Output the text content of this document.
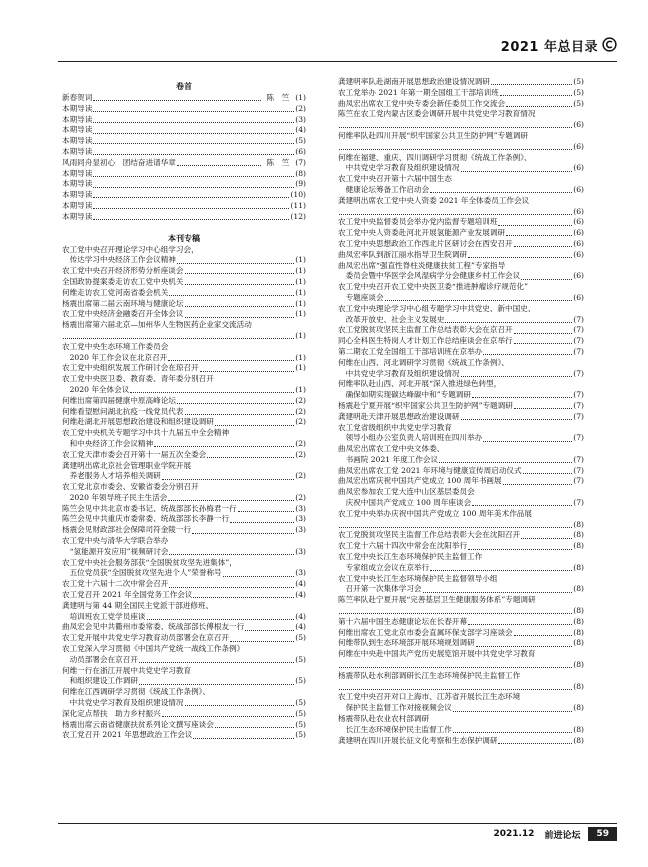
2021 年总目录
卷首
新春贺词	陈　竺 (1)
本期导读	(2)
本期导读	(3)
本期导读	(4)
本期导读	(5)
本期导读	(6)
风雨同舟显初心　团结奋进谱华章	陈　竺 (7)
本期导读	(8)
本期导读	(9)
本期导读	(10)
本期导读	(11)
本期导读	(12)
本刊专稿
农工党中央召开理论学习中心组学习会，
　传达学习中央经济工作会议精神	(1)
农工党中央召开经济形势分析座谈会	(1)
全国政协提案委走访农工党中央机关	(1)
何维走访农工党河南省委会机关	(1)
杨震出席第二届云南环境与健康论坛	(1)
农工党中央经济金融委召开全体会议	(1)
杨震出席第六届北京—加州华人生物医药企业家交流活动
(1)
农工党中央生态环境工作委员会
　2020 年工作会议在北京召开	(1)
农工党中央组织发展工作研讨会在琼召开	(1)
农工党中央医卫委、教育委、青年委分别召开
　2020 年全体会议	(1)
何维出席第四届健康中原高峰论坛	(2)
何维看望慰问湖北抗疫一线党员代表	(2)
何维赴湖北开展思想政治建设和组织建设调研	(2)
农工党中央机关专题学习中共十九届五中全会精神
　和中央经济工作会议精神	(2)
农工党天津市委会召开第十一届五次全委会	(2)
龚建明出席北京社会管理职业学院开展
　养老服务人才培养相关调研	(2)
农工党北京市委会、安徽省委会分别召开
　2020 年领导班子民主生活会	(2)
陈竺会见中共北京市委书记、统战部部长孙梅君一行	(3)
陈竺会见中共重庆市委常委、统战部部长李静一行	(3)
杨震会见财政部社会保障司符金陵一行	(3)
农工党中央与清华大学联合举办
　“氢能源开发应用”视频研讨会	(3)
农工党中央社会服务部获“全国脱贫攻坚先进集体”，
　五位党员获“全国脱贫攻坚先进个人”荣誉称号	(3)
农工党十六届十二次中常会召开	(4)
农工党召开 2021 年全国党务工作会议	(4)
龚建明与第 44 期全国民主党派干部进修班、
　培训班农工党学员座谈	(4)
曲凤宏会见中共衢州市委常委、统战部部长傅根友一行	(4)
农工党开展中共党史学习教育动员部署会在京召开	(5)
农工党深入学习贯彻《中国共产党统一战线工作条例》
　动员部署会在京召开	(5)
何维一行在浙江开展中共党史学习教育
　和组织建设工作调研	(5)
何维在江西调研学习贯彻《统战工作条例》、
　中共党史学习教育及组织建设情况	(5)
深化定点帮扶　助力乡村振兴	(5)
杨震出席云南省健康扶贫系列论文撰写座谈会	(5)
农工党召开 2021 年思想政治工作会议	(5)
龚建明率队赴湖南开展思想政治建设情况调研	(5)
农工党举办 2021 年第一期全国组工干部培训班	(5)
曲凤宏出席农工党中央专委会新任委员工作交流会	(5)
陈竺在农工党内蒙古区委会调研开展中共党史学习教育情况
(6)
何维率队赴四川开展“织牢国家公共卫生防护网”专题调研
(6)
何维在福建、重庆、四川调研学习贯彻《统战工作条例》、
　中共党史学习教育及组织建设情况	(6)
农工党中央召开第十六届中国生态
　健康论坛筹备工作启动会	(6)
龚建明出席农工党中央人资委 2021 年全体委员工作会议
(6)
农工党中央监督委员会举办党内监督专题培训班	(6)
农工党中央人资委赴河北开展氢能源产业发展调研	(6)
农工党中央思想政治工作西北片区研讨会在西安召开	(6)
曲凤宏率队到浙江丽水指导卫生院调研	(6)
曲凤宏出席“强直性脊柱炎健康扶贫工程”专家指导
　委员会暨中华医学会风湿病学分会健康乡村工作会议	(6)
农工党中央召开农工党中央医卫委“推进肿瘤诊疗规范化”
　专题座谈会	(6)
农工党中央理论学习中心组专题学习中共党史、新中国史、
　改革开放史、社会主义发展史	(7)
农工党脱贫攻坚民主监督工作总结表彰大会在京召开	(7)
同心全科医生特岗人才计划工作总结座谈会在京举行	(7)
第二期农工党全国组工干部培训班在京举办	(7)
何维在山西、河北调研学习贯彻《统战工作条例》、
　中共党史学习教育及组织建设情况	(7)
何维率队赴山西、河北开展“深入推进绿色转型，
　确保如期实现碳达峰碳中和”专题调研	(7)
杨震赴宁夏开展“织牢国家公共卫生防护网”专题调研	(7)
龚建明赴天津开展思想政治建设调研	(7)
农工党省级组织中共党史学习教育
　领导小组办公室负责人培训班在四川举办	(7)
曲凤宏出席农工党中央文体委、
　书画院 2021 年度工作会议	(7)
曲凤宏出席农工党 2021 年环境与健康宣传周启动仪式	(7)
曲凤宏出席庆祝中国共产党成立 100 周年书画展	(7)
曲凤宏参加农工党大连中山区基层委员会
　庆祝中国共产党成立 100 周年座谈会	(7)
农工党中央举办庆祝中国共产党成立 100 周年美术作品展
(8)
农工党脱贫攻坚民主监督工作总结表彰大会在沈阳召开	(8)
农工党十六届十四次中常会在沈阳举行	(8)
农工党中央长江生态环境保护民主监督工作
　专家组成立会议在京举行	(8)
农工党中央长江生态环境保护民主监督领导小组
　召开第一次集体学习会	(8)
陈竺率队赴宁夏开展“完善基层卫生健康服务体系”专题调研
(8)
第十六届中国生态健康论坛在长春开幕	(8)
何维出席农工党北京市委会直属环保支部学习座谈会	(8)
何维带队到生态环境部开展环境规划调研	(8)
何维在中央赴中国共产党历史展览馆开展中共党史学习教育
(8)
杨震带队赴水利部调研长江生态环境保护民主监督工作
(8)
农工党中央召开对口上海市、江苏省开展长江生态环境
　保护民主监督工作对接视频会议	(8)
杨震带队赴农业农村部调研
　长江生态环境保护民主监督工作	(8)
龚建明在四川开展长征文化考察和生态保护调研	(8)
2021.12 前进论坛	59
